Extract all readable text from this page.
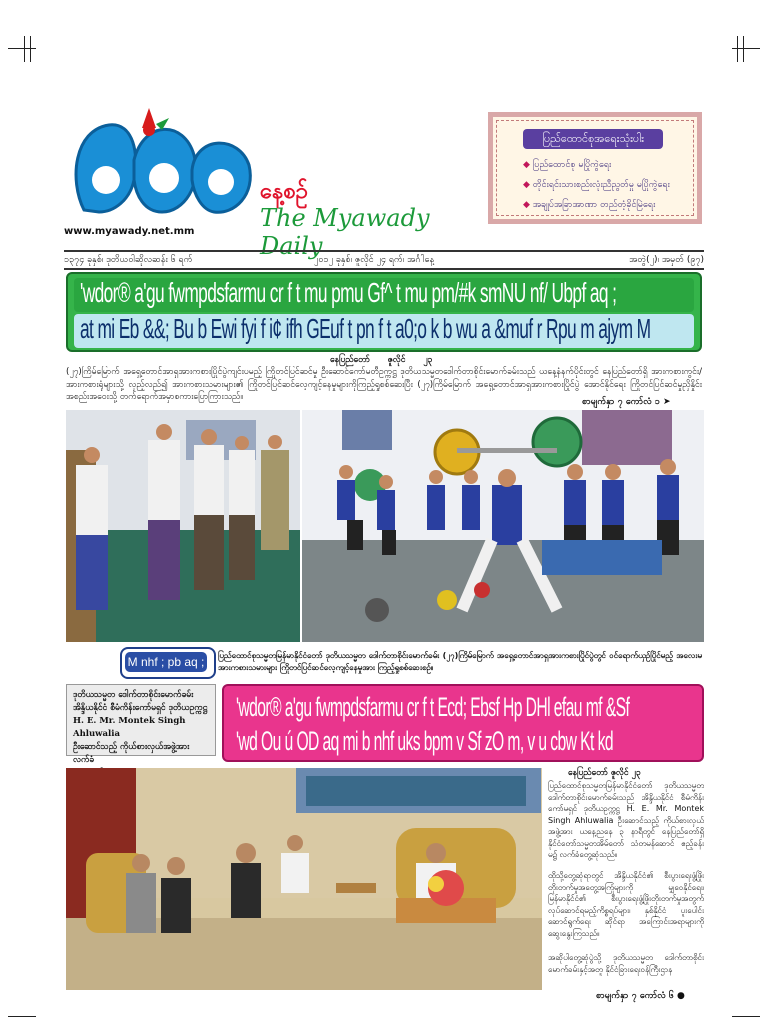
နေ့စဉ်
The Myawady Daily
www.myawady.net.mm
ပြည်ထောင်စုအရေးသုံးပါး
◆ ပြည်ထောင်စု မပြိုကွဲရေး
◆ တိုင်းရင်းသားစည်းလုံးညီညွတ်မှု မပြိုကွဲရေး
◆ အချုပ်အခြာအာဏာ တည်တံ့ခိုင်မြဲရေး
၁၃၇၄ ခုနှစ်၊ ဒုတိယဝါဆိုလဆန်း ၆ ရက်	၂၀၁၂ ခုနှစ်၊ ဇူလိုင် ၂၄ ရက်၊ အင်္ဂါနေ့	အတွဲ(၂)၊ အမှတ် (၉၇)
'wdor® a'gu fwmpdsfarmu cr f t mu pmu Gf^ t mu pm/#k smNU nf/ Ubpf aq ;
at mi Eb &&; Bu b Ewi fyi f i¢ ifh GEuf t pn f t a0;o k b wu a &muf r Rpu m ajym M
နေပြည်တော် ဇူလိုင် ၂၃
(၂၇)ကြိမ်မြောက် အရှေ့တောင်အာရှအားကစားပြိုင်ပွဲကျင်းပမည့် ကြိုတင်ပြင်ဆင်မှု ဦးဆောင်ကော်မတီဥက္ကဋ္ဌ ဒုတိယသမ္မတဒေါက်တာစိုင်းမောက်ခမ်းသည် ယနေ့နံနက်ပိုင်းတွင် နေပြည်တော်ရှိ အားကစားကွင်း/အားကစားရုံများသို့ လှည့်လည်၍ အားကစားသမားများ၏ ကြိုတင်ပြင်ဆင်လေ့ကျင့်နေမှုများကိုကြည့်ရှုစစ်ဆေးပြီး (၂၇)ကြိမ်မြောက် အရှေ့တောင်အာရှအားကစားပြိုင်ပွဲ အောင်နိုင်ရေး ကြိုတင်ပြင်ဆင်မှုညှိနှိုင်းအစည်းအဝေးသို့ တက်ရောက်အမှာစကားပြောကြားသည်။	စာမျက်နှာ ၇ ကော်လံ ၁ ➤
M nhf ; pb aq ;	ပြည်ထောင်စုသမ္မတမြန်မာနိုင်ငံတော် ဒုတိယသမ္မတ ဒေါက်တာစိုင်းမောက်ခမ်း (၂၇)ကြိမ်မြောက် အရှေ့တောင်အာရှအားကစားပြိုင်ပွဲတွင် ဝင်ရောက်ယှဉ်ပြိုင်မည့် အလေးမအားကစားသမားများ ကြိုတင်ပြင်ဆင်လေ့ကျင့်နေမှုအား ကြည့်ရှုစစ်ဆေးစဉ်။
ဒုတိယသမ္မတ ဒေါက်တာစိုင်းမောက်ခမ်း
အိန္ဒိယနိုင်ငံ စီမံကိန်းကော်မရှင် ဒုတိယဥက္ကဋ္ဌ
H. E. Mr. Montek Singh Ahluwalia
ဦးဆောင်သည့် ကိုယ်စားလှယ်အဖွဲ့အား လက်ခံ
'wdor® a'gu fwmpdsfarmu cr f t Ecd; Ebsf Hp DHl efau mf &Sf
'wd Ou ú OD aq mi b nhf uks bpm v Sf zO m, v u cbw Kt kd
နေပြည်တော် ဇူလိုင် ၂၃
ပြည်ထောင်စုသမ္မတမြန်မာနိုင်ငံတော် ဒုတိယသမ္မတ ဒေါက်တာစိုင်းမောက်ခမ်းသည် အိန္ဒိယနိုင်ငံ စီမံကိန်းကော်မရှင် ဒုတိယဥက္ကဋ္ဌ H. E. Mr. Montek Singh Ahluwalia ဦးဆောင်သည့် ကိုယ်စားလှယ်အဖွဲ့အား ယနေ့ညနေ ၃ နာရီတွင် နေပြည်တော်ရှိ နိုင်ငံတော်သမ္မတအိမ်တော် သံတမန်ဆောင် ဧည့်ခန်းမ၌ လက်ခံတွေ့ဆုံသည်။
ထိုသို့တွေ့ဆုံရာတွင် အိန္ဒိယနိုင်ငံ၏ စီးပွားရေးဖွံ့ဖြိုးတိုးတက်မှုအတွေ့အကြုံများကို မျှဝေနိုင်ရေး၊ မြန်မာနိုင်ငံ၏ စီးပွားရေးဖွံ့ဖြိုးတိုးတက်မှုအတွက် လုပ်ဆောင်ရမည့်ကိစ္စရပ်များ၊ နှစ်နိုင်ငံ ပူးပေါင်းဆောင်ရွက်ရေး ဆိုင်ရာ အကြောင်းအရာများကို ဆွေးနွေးကြသည်။
အဆိုပါတွေ့ဆုံပွဲသို့ ဒုတိယသမ္မတ ဒေါက်တာစိုင်းမောက်ခမ်းနှင့်အတူ နိုင်ငံခြားရေးဝန်ကြီးဌာန
စာမျက်နှာ ၇ ကော်လံ ၆ ●
